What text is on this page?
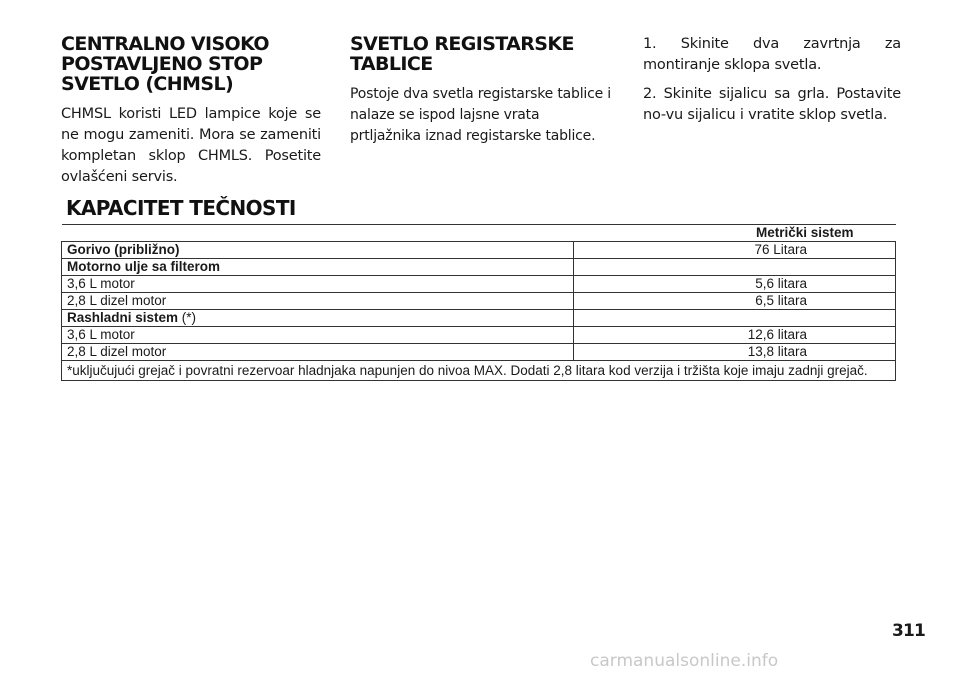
CENTRALNO VISOKO
POSTAVLJENO STOP
SVETLO (CHMSL)

CHMSL koristi LED lampice koje se ne mogu zameniti. Mora se zameniti kompletan sklop CHMLS. Posetite ovlašćeni servis.

SVETLO REGISTARSKE
TABLICE

Postoje dva svetla registarske tablice i nalaze se ispod lajsne vrata prtljažnika iznad registarske tablice.

1. Skinite dva zavrtnja za montiranje sklopa svetla.

2. Skinite sijalicu sa grla. Postavite no-vu sijalicu i vratite sklop svetla.

KAPACITET TEČNOSTI
	Metrički sistem
Gorivo (približno)	76 Litara
Motorno ulje sa filterom	
3,6 L motor	5,6 litara
2,8 L dizel motor	6,5 litara
Rashladni sistem (*)	
3,6 L motor	12,6 litara
2,8 L dizel motor	13,8 litara
*uključujući grejač i povratni rezervoar hladnjaka napunjen do nivoa MAX. Dodati 2,8 litara kod verzija i tržišta koje imaju zadnji grejač.	
311
carmanualsonline.info
